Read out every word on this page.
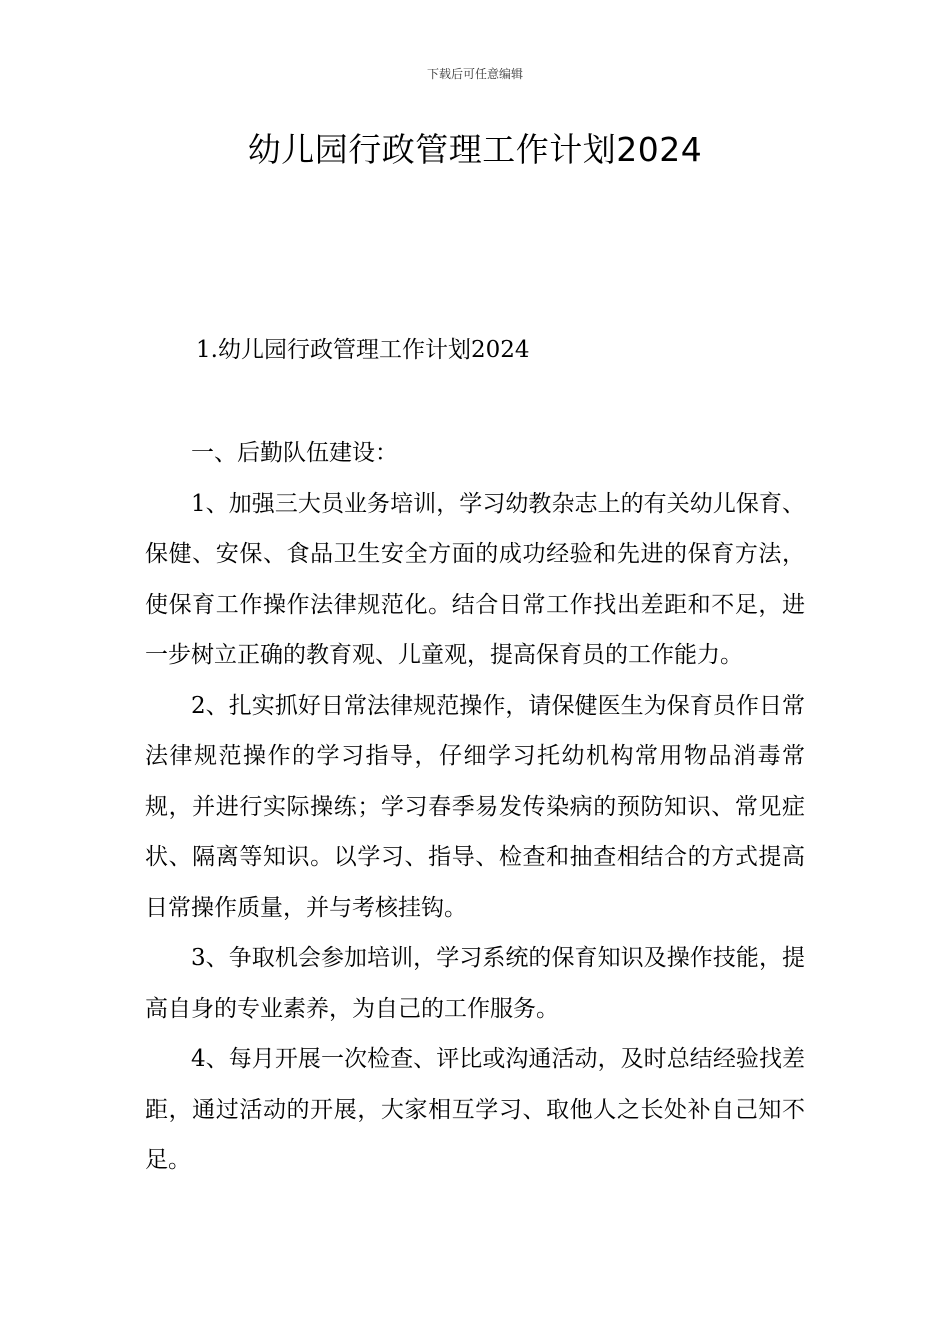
下载后可任意编辑
幼儿园行政管理工作计划2024
1.幼儿园行政管理工作计划2024

一、后勤队伍建设：

1、加强三大员业务培训，学习幼教杂志上的有关幼儿保育、保健、安保、食品卫生安全方面的成功经验和先进的保育方法，使保育工作操作法律规范化。结合日常工作找出差距和不足，进一步树立正确的教育观、儿童观，提高保育员的工作能力。

2、扎实抓好日常法律规范操作，请保健医生为保育员作日常法律规范操作的学习指导，仔细学习托幼机构常用物品消毒常规，并进行实际操练；学习春季易发传染病的预防知识、常见症状、隔离等知识。以学习、指导、检查和抽查相结合的方式提高日常操作质量，并与考核挂钩。

3、争取机会参加培训，学习系统的保育知识及操作技能，提高自身的专业素养，为自己的工作服务。

4、每月开展一次检查、评比或沟通活动，及时总结经验找差距，通过活动的开展，大家相互学习、取他人之长处补自己知不足。
